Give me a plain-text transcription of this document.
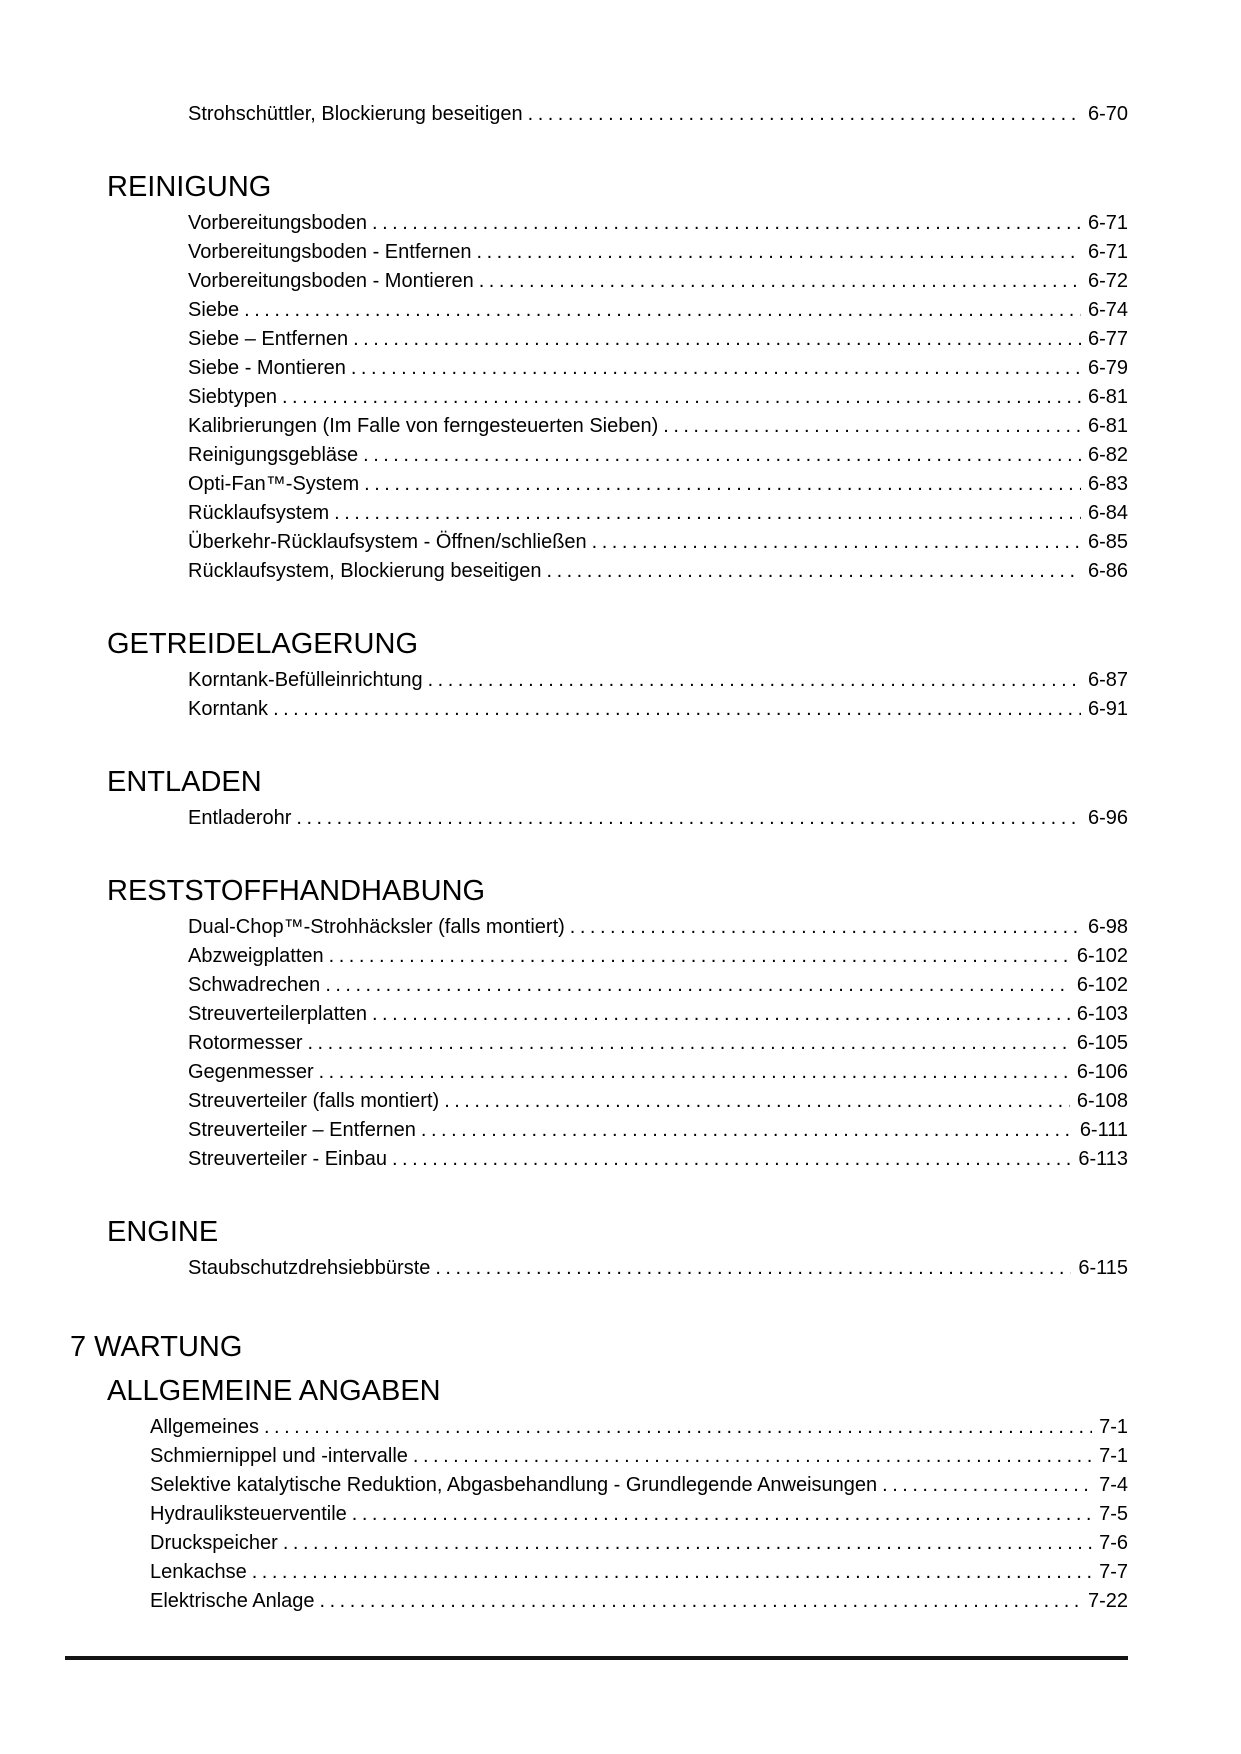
Strohschüttler, Blockierung beseitigen .....	6-70
REINIGUNG
Vorbereitungsboden .....	6-71
Vorbereitungsboden - Entfernen .....	6-71
Vorbereitungsboden - Montieren .....	6-72
Siebe .....	6-74
Siebe – Entfernen .....	6-77
Siebe - Montieren .....	6-79
Siebtypen .....	6-81
Kalibrierungen (Im Falle von ferngesteuerten Sieben) .....	6-81
Reinigungsgebläse .....	6-82
Opti-Fan™-System .....	6-83
Rücklaufsystem .....	6-84
Überkehr-Rücklaufsystem - Öffnen/schließen .....	6-85
Rücklaufsystem, Blockierung beseitigen .....	6-86
GETREIDELAGERUNG
Korntank-Befülleinrichtung .....	6-87
Korntank .....	6-91
ENTLADEN
Entladerohr .....	6-96
RESTSTOFFHANDHABUNG
Dual-Chop™-Strohhäcksler (falls montiert) .....	6-98
Abzweigplatten .....	6-102
Schwadrechen .....	6-102
Streuverteilerplatten .....	6-103
Rotormesser .....	6-105
Gegenmesser .....	6-106
Streuverteiler (falls montiert) .....	6-108
Streuverteiler – Entfernen .....	6-111
Streuverteiler - Einbau .....	6-113
ENGINE
Staubschutzdrehsiebbürste .....	6-115
7 WARTUNG
ALLGEMEINE ANGABEN
Allgemeines .....	7-1
Schmiernippel und -intervalle .....	7-1
Selektive katalytische Reduktion, Abgasbehandlung - Grundlegende Anweisungen .....	7-4
Hydrauliksteuerventile .....	7-5
Druckspeicher .....	7-6
Lenkachse .....	7-7
Elektrische Anlage .....	7-22
